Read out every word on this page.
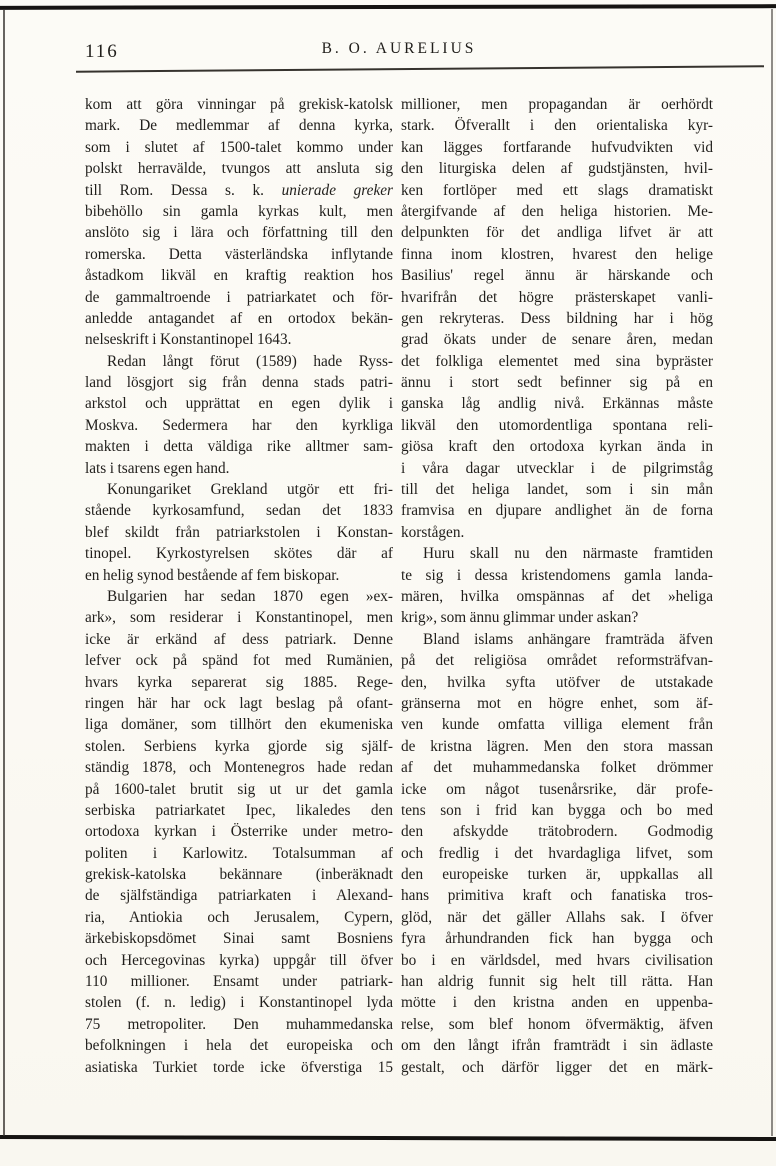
116	B. O. AURELIUS
kom att göra vinningar på grekisk-katolsk
mark. De medlemmar af denna kyrka,
som i slutet af 1500-talet kommo under
polskt herravälde, tvungos att ansluta sig
till Rom. Dessa s. k. unierade greker
bibehöllo sin gamla kyrkas kult, men
anslöto sig i lära och författning till den
romerska. Detta västerländska inflytande
åstadkom likväl en kraftig reaktion hos
de gammaltroende i patriarkatet och för-
anledde antagandet af en ortodox bekän-
nelseskrift i Konstantinopel 1643.
Redan långt förut (1589) hade Ryss-
land lösgjort sig från denna stads patri-
arkstol och upprättat en egen dylik i
Moskva. Sedermera har den kyrkliga
makten i detta väldiga rike alltmer sam-
lats i tsarens egen hand.
Konungariket Grekland utgör ett fri-
stående kyrkosamfund, sedan det 1833
blef skildt från patriarkstolen i Konstan-
tinopel. Kyrkostyrelsen skötes där af
en helig synod bestående af fem biskopar.
Bulgarien har sedan 1870 egen »ex-
ark», som residerar i Konstantinopel, men
icke är erkänd af dess patriark. Denne
lefver ock på spänd fot med Rumänien,
hvars kyrka separerat sig 1885. Rege-
ringen här har ock lagt beslag på ofant-
liga domäner, som tillhört den ekumeniska
stolen. Serbiens kyrka gjorde sig själf-
ständig 1878, och Montenegros hade redan
på 1600-talet brutit sig ut ur det gamla
serbiska patriarkatet Ipec, likaledes den
ortodoxa kyrkan i Österrike under metro-
politen i Karlowitz. Totalsumman af
grekisk-katolska bekännare (inberäknadt
de själfständiga patriarkaten i Alexand-
ria, Antiokia och Jerusalem, Cypern,
ärkebiskopsdömet Sinai samt Bosniens
och Hercegovinas kyrka) uppgår till öfver
110 millioner. Ensamt under patriark-
stolen (f. n. ledig) i Konstantinopel lyda
75 metropoliter. Den muhammedanska
befolkningen i hela det europeiska och
asiatiska Turkiet torde icke öfverstiga 15
millioner, men propagandan är oerhördt
stark. Öfverallt i den orientaliska kyr-
kan lägges fortfarande hufvudvikten vid
den liturgiska delen af gudstjänsten, hvil-
ken fortlöper med ett slags dramatiskt
återgifvande af den heliga historien. Me-
delpunkten för det andliga lifvet är att
finna inom klostren, hvarest den helige
Basilius' regel ännu är härskande och
hvarifrån det högre prästerskapet vanli-
gen rekryteras. Dess bildning har i hög
grad ökats under de senare åren, medan
det folkliga elementet med sina bypräster
ännu i stort sedt befinner sig på en
ganska låg andlig nivå. Erkännas måste
likväl den utomordentliga spontana reli-
giösa kraft den ortodoxa kyrkan ända in
i våra dagar utvecklar i de pilgrimståg
till det heliga landet, som i sin mån
framvisa en djupare andlighet än de forna
korstågen.
Huru skall nu den närmaste framtiden
te sig i dessa kristendomens gamla landa-
mären, hvilka omspännas af det »heliga
krig», som ännu glimmar under askan?
Bland islams anhängare framträda äfven
på det religiösa området reformsträfvan-
den, hvilka syfta utöfver de utstakade
gränserna mot en högre enhet, som äf-
ven kunde omfatta villiga element från
de kristna lägren. Men den stora massan
af det muhammedanska folket drömmer
icke om något tusenårsrike, där profe-
tens son i frid kan bygga och bo med
den afskydde trätobrodern. Godmodig
och fredlig i det hvardagliga lifvet, som
den europeiske turken är, uppkallas all
hans primitiva kraft och fanatiska tros-
glöd, när det gäller Allahs sak. I öfver
fyra århundranden fick han bygga och
bo i en världsdel, med hvars civilisation
han aldrig funnit sig helt till rätta. Han
mötte i den kristna anden en uppenba-
relse, som blef honom öfvermäktig, äfven
om den långt ifrån framträdt i sin ädlaste
gestalt, och därför ligger det en märk-
